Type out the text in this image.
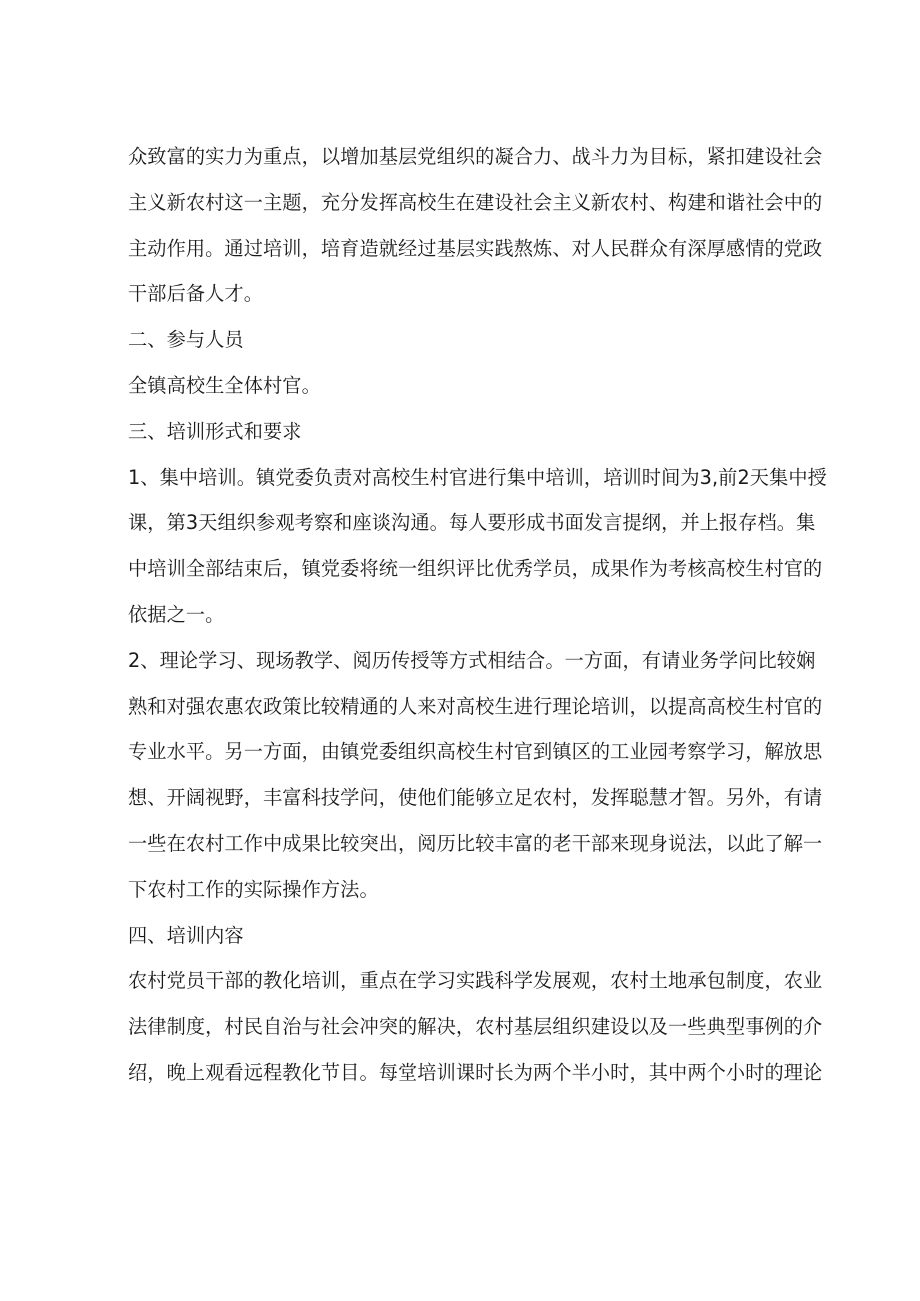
众致富的实力为重点，以增加基层党组织的凝合力、战斗力为目标，紧扣建设社会
主义新农村这一主题，充分发挥高校生在建设社会主义新农村、构建和谐社会中的
主动作用。通过培训，培育造就经过基层实践熬炼、对人民群众有深厚感情的党政
干部后备人才。
二、参与人员
全镇高校生全体村官。
三、培训形式和要求
1、集中培训。镇党委负责对高校生村官进行集中培训，培训时间为3,前2天集中授
课，第3天组织参观考察和座谈沟通。每人要形成书面发言提纲，并上报存档。集
中培训全部结束后，镇党委将统一组织评比优秀学员，成果作为考核高校生村官的
依据之一。
2、理论学习、现场教学、阅历传授等方式相结合。一方面，有请业务学问比较娴
熟和对强农惠农政策比较精通的人来对高校生进行理论培训，以提高高校生村官的
专业水平。另一方面，由镇党委组织高校生村官到镇区的工业园考察学习，解放思
想、开阔视野，丰富科技学问，使他们能够立足农村，发挥聪慧才智。另外，有请
一些在农村工作中成果比较突出，阅历比较丰富的老干部来现身说法，以此了解一
下农村工作的实际操作方法。
四、培训内容
农村党员干部的教化培训，重点在学习实践科学发展观，农村土地承包制度，农业
法律制度，村民自治与社会冲突的解决，农村基层组织建设以及一些典型事例的介
绍，晚上观看远程教化节目。每堂培训课时长为两个半小时，其中两个小时的理论
